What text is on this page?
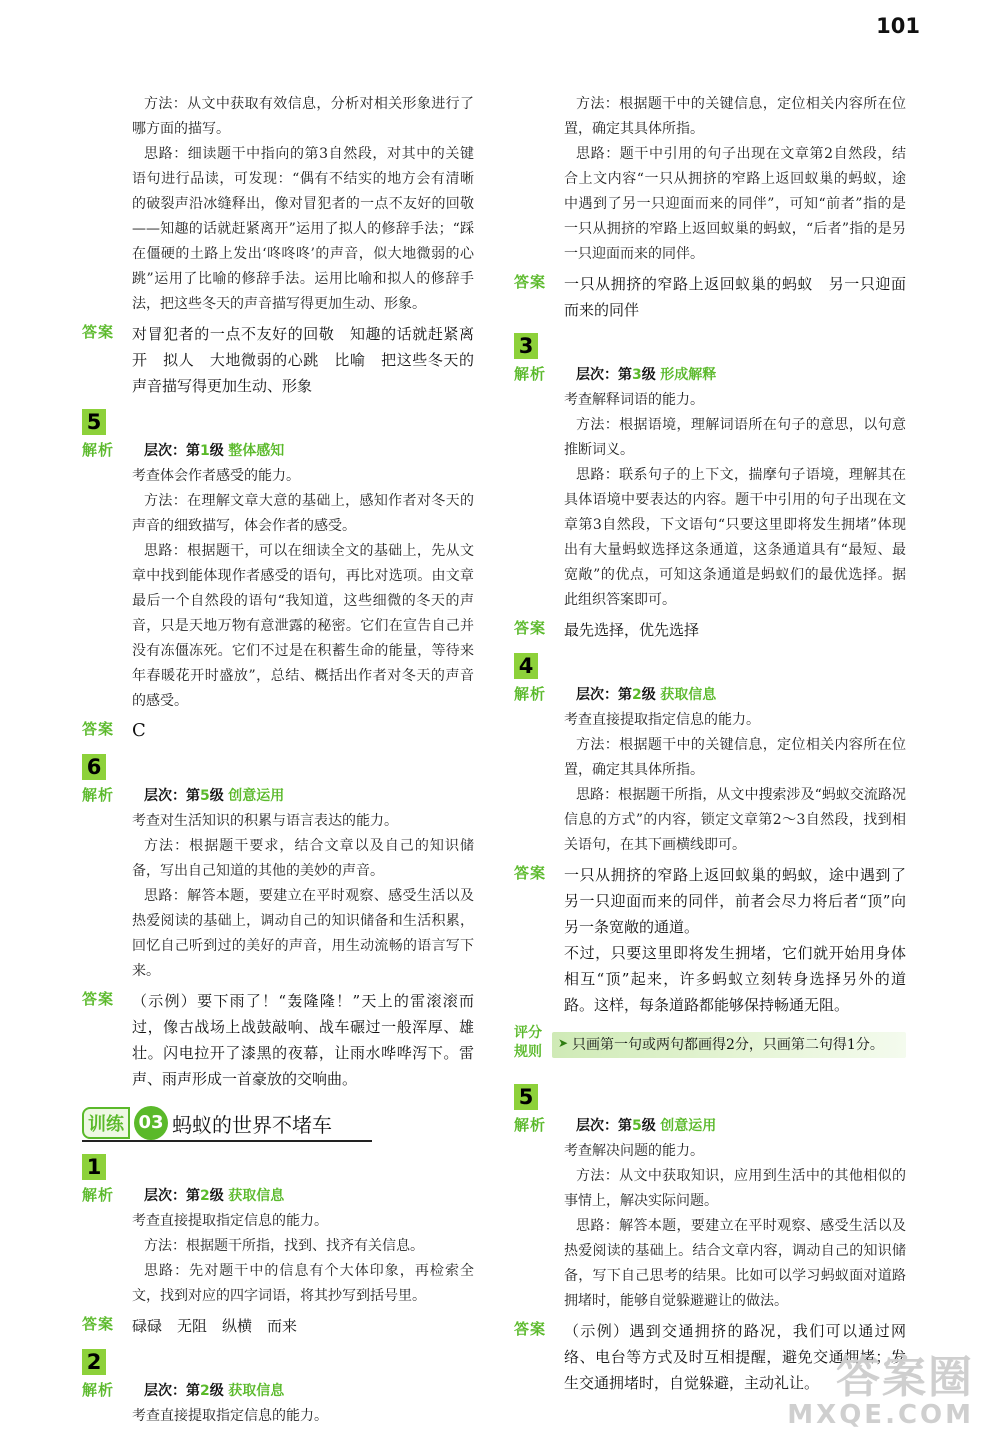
101

方法：从文中获取有效信息，分析对相关形象进行了哪方面的描写。

思路：细读题干中指向的第3自然段，对其中的关键语句进行品读，可发现：“偶有不结实的地方会有清晰的破裂声沿冰缝释出，像对冒犯者的一点不友好的回敬——知趣的话就赶紧离开”运用了拟人的修辞手法；“踩在僵硬的土路上发出‘咚咚咚’的声音，似大地微弱的心跳”运用了比喻的修辞手法。运用比喻和拟人的修辞手法，把这些冬天的声音描写得更加生动、形象。

答案 对冒犯者的一点不友好的回敬　知趣的话就赶紧离开　拟人　大地微弱的心跳　比喻　把这些冬天的声音描写得更加生动、形象

5
解析	层次：第1级 整体感知

考查体会作者感受的能力。

方法：在理解文章大意的基础上，感知作者对冬天的声音的细致描写，体会作者的感受。

思路：根据题干，可以在细读全文的基础上，先从文章中找到能体现作者感受的语句，再比对选项。由文章最后一个自然段的语句“我知道，这些细微的冬天的声音，只是天地万物有意泄露的秘密。它们在宣告自己并没有冻僵冻死。它们不过是在积蓄生命的能量，等待来年春暖花开时盛放”，总结、概括出作者对冬天的声音的感受。

答案 C

6
解析	层次：第5级 创意运用

考查对生活知识的积累与语言表达的能力。

方法：根据题干要求，结合文章以及自己的知识储备，写出自己知道的其他的美妙的声音。

思路：解答本题，要建立在平时观察、感受生活以及热爱阅读的基础上，调动自己的知识储备和生活积累，回忆自己听到过的美好的声音，用生动流畅的语言写下来。

答案 （示例）要下雨了！“轰隆隆！”天上的雷滚滚而过，像古战场上战鼓敲响、战车碾过一般浑厚、雄壮。闪电拉开了漆黑的夜幕，让雨水哗哗泻下。雷声、雨声形成一首豪放的交响曲。

训练 03 蚂蚁的世界不堵车
1
解析	层次：第2级 获取信息

考查直接提取指定信息的能力。

方法：根据题干所指，找到、找齐有关信息。

思路：先对题干中的信息有个大体印象，再检索全文，找到对应的四字词语，将其抄写到括号里。

答案 碌碌　无阻　纵横　而来

2
解析	层次：第2级 获取信息

考查直接提取指定信息的能力。

方法：根据题干中的关键信息，定位相关内容所在位置，确定其具体所指。

思路：题干中引用的句子出现在文章第2自然段，结合上文内容“一只从拥挤的窄路上返回蚁巢的蚂蚁，途中遇到了另一只迎面而来的同伴”，可知“前者”指的是一只从拥挤的窄路上返回蚁巢的蚂蚁，“后者”指的是另一只迎面而来的同伴。

答案 一只从拥挤的窄路上返回蚁巢的蚂蚁　另一只迎面而来的同伴

3
解析	层次：第3级 形成解释

考查解释词语的能力。

方法：根据语境，理解词语所在句子的意思，以句意推断词义。

思路：联系句子的上下文，揣摩句子语境，理解其在具体语境中要表达的内容。题干中引用的句子出现在文章第3自然段，下文语句“只要这里即将发生拥堵”体现出有大量蚂蚁选择这条通道，这条通道具有“最短、最宽敞”的优点，可知这条通道是蚂蚁们的最优选择。据此组织答案即可。

答案 最先选择，优先选择

4
解析	层次：第2级 获取信息

考查直接提取指定信息的能力。

方法：根据题干中的关键信息，定位相关内容所在位置，确定其具体所指。

思路：根据题干所指，从文中搜索涉及“蚂蚁交流路况信息的方式”的内容，锁定文章第2～3自然段，找到相关语句，在其下画横线即可。

答案 一只从拥挤的窄路上返回蚁巢的蚂蚁，途中遇到了另一只迎面而来的同伴，前者会尽力将后者“顶”向另一条宽敞的通道。

不过，只要这里即将发生拥堵，它们就开始用身体相互“顶”起来，许多蚂蚁立刻转身选择另外的道路。这样，每条道路都能够保持畅通无阻。

评分
规则
➤ 只画第一句或两句都画得2分，只画第二句得1分。
5
解析	层次：第5级 创意运用

考查解决问题的能力。

方法：从文中获取知识，应用到生活中的其他相似的事情上，解决实际问题。

思路：解答本题，要建立在平时观察、感受生活以及热爱阅读的基础上。结合文章内容，调动自己的知识储备，写下自己思考的结果。比如可以学习蚂蚁面对道路拥堵时，能够自觉躲避避让的做法。

答案 （示例）遇到交通拥挤的路况，我们可以通过网络、电台等方式及时互相提醒，避免交通拥堵；发生交通拥堵时，自觉躲避，主动礼让。 答案圈
MXQE.COM
